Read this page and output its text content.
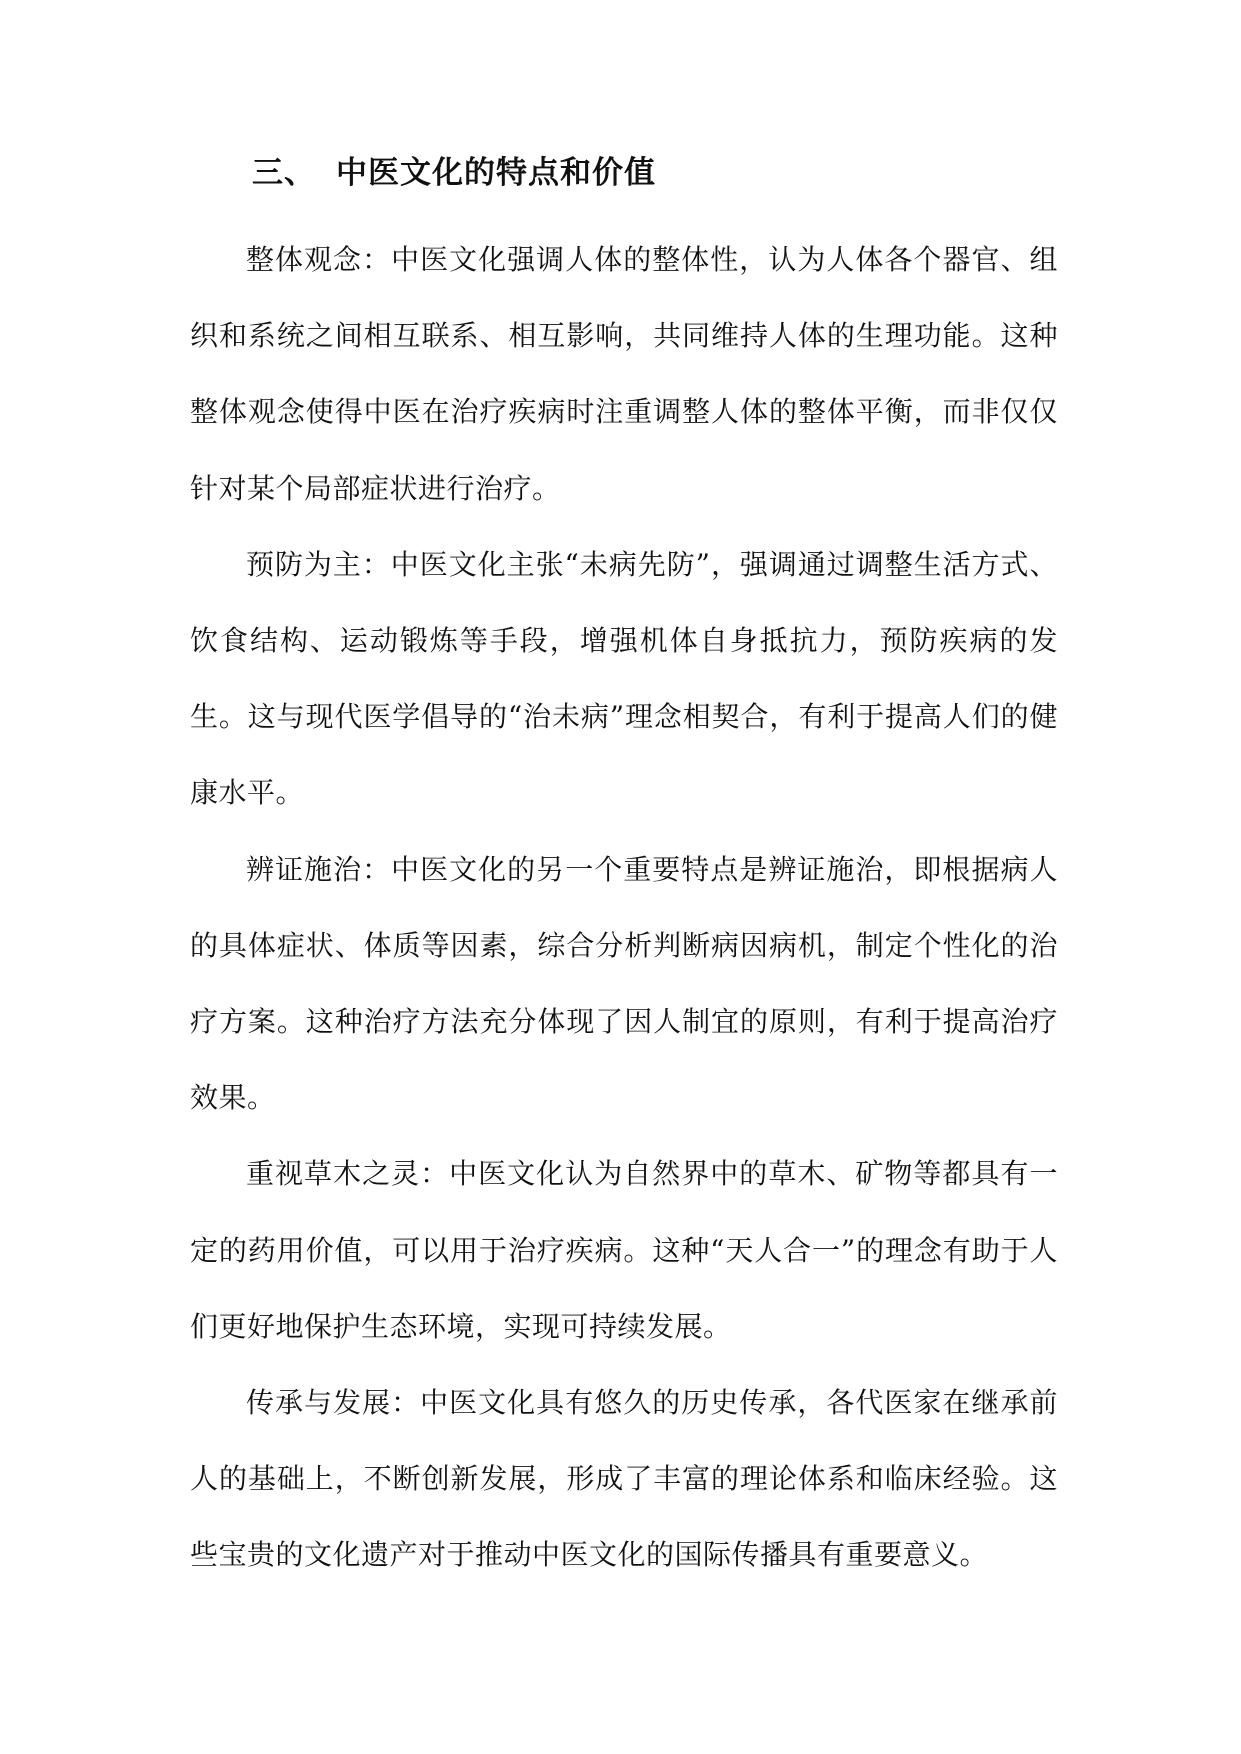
三、 中医文化的特点和价值

整体观念：中医文化强调人体的整体性，认为人体各个器官、组织和系统之间相互联系、相互影响，共同维持人体的生理功能。这种整体观念使得中医在治疗疾病时注重调整人体的整体平衡，而非仅仅针对某个局部症状进行治疗。

预防为主：中医文化主张“未病先防”，强调通过调整生活方式、饮食结构、运动锻炼等手段，增强机体自身抵抗力，预防疾病的发生。这与现代医学倡导的“治未病”理念相契合，有利于提高人们的健康水平。

辨证施治：中医文化的另一个重要特点是辨证施治，即根据病人的具体症状、体质等因素，综合分析判断病因病机，制定个性化的治疗方案。这种治疗方法充分体现了因人制宜的原则，有利于提高治疗效果。

重视草木之灵：中医文化认为自然界中的草木、矿物等都具有一定的药用价值，可以用于治疗疾病。这种“天人合一”的理念有助于人们更好地保护生态环境，实现可持续发展。

传承与发展：中医文化具有悠久的历史传承，各代医家在继承前人的基础上，不断创新发展，形成了丰富的理论体系和临床经验。这些宝贵的文化遗产对于推动中医文化的国际传播具有重要意义。
